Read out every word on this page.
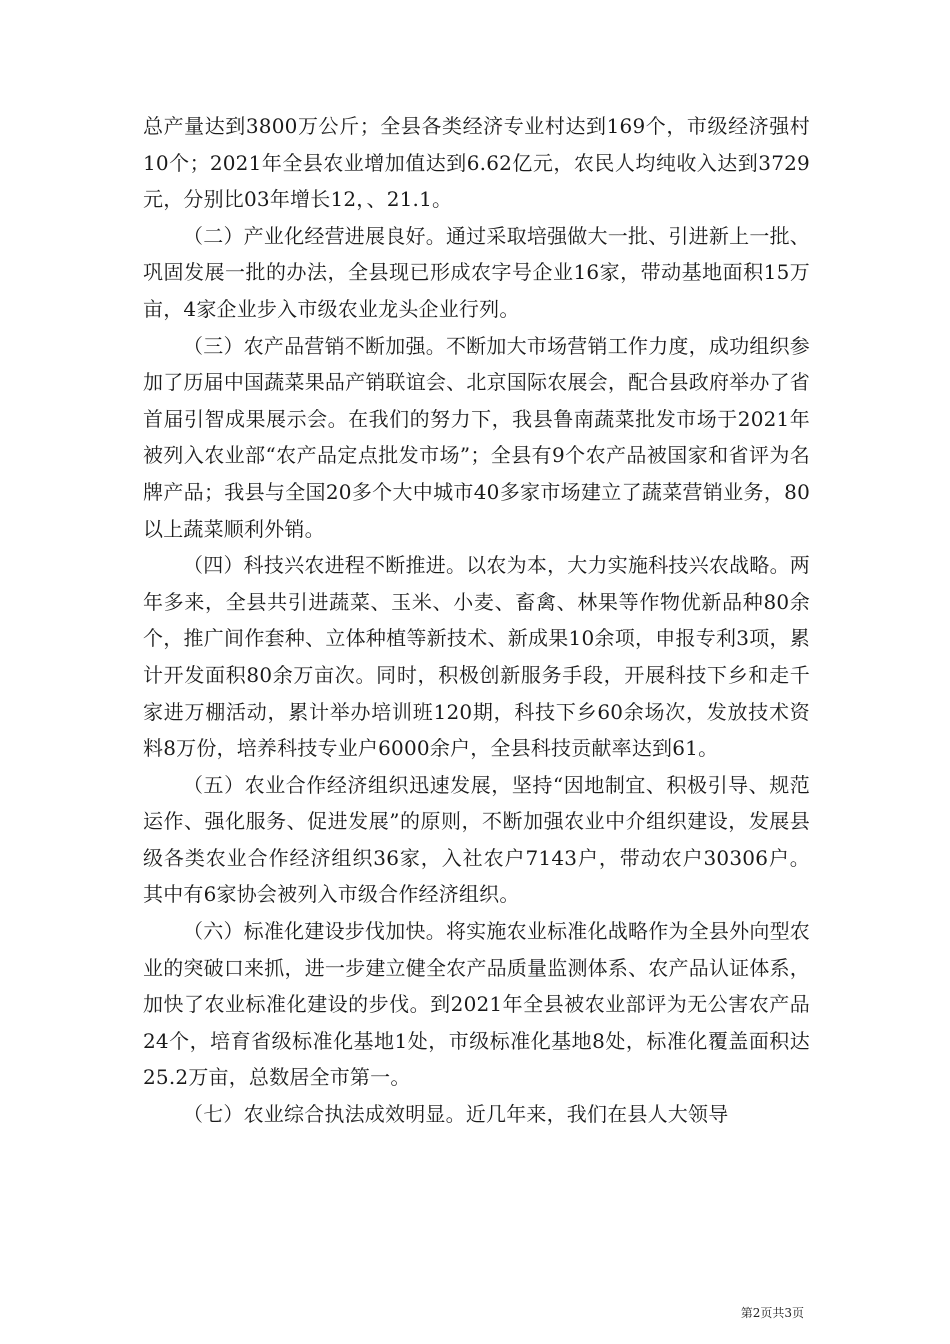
总产量达到3800万公斤；全县各类经济专业村达到169个，市级经济强村10个；2021年全县农业增加值达到6.62亿元，农民人均纯收入达到3729元，分别比03年增长12，、21.1。

（二）产业化经营进展良好。通过采取培强做大一批、引进新上一批、巩固发展一批的办法，全县现已形成农字号企业16家，带动基地面积15万亩，4家企业步入市级农业龙头企业行列。

（三）农产品营销不断加强。不断加大市场营销工作力度，成功组织参加了历届中国蔬菜果品产销联谊会、北京国际农展会，配合县政府举办了省首届引智成果展示会。在我们的努力下，我县鲁南蔬菜批发市场于2021年被列入农业部“农产品定点批发市场”；全县有9个农产品被国家和省评为名牌产品；我县与全国20多个大中城市40多家市场建立了蔬菜营销业务，80以上蔬菜顺利外销。

（四）科技兴农进程不断推进。以农为本，大力实施科技兴农战略。两年多来，全县共引进蔬菜、玉米、小麦、畜禽、林果等作物优新品种80余个，推广间作套种、立体种植等新技术、新成果10余项，申报专利3项，累计开发面积80余万亩次。同时，积极创新服务手段，开展科技下乡和走千家进万棚活动，累计举办培训班120期，科技下乡60余场次，发放技术资料8万份，培养科技专业户6000余户，全县科技贡献率达到61。

（五）农业合作经济组织迅速发展，坚持“因地制宜、积极引导、规范运作、强化服务、促进发展”的原则，不断加强农业中介组织建设，发展县级各类农业合作经济组织36家，入社农户7143户，带动农户30306户。其中有6家协会被列入市级合作经济组织。

（六）标准化建设步伐加快。将实施农业标准化战略作为全县外向型农业的突破口来抓，进一步建立健全农产品质量监测体系、农产品认证体系，加快了农业标准化建设的步伐。到2021年全县被农业部评为无公害农产品24个，培育省级标准化基地1处，市级标准化基地8处，标准化覆盖面积达25.2万亩，总数居全市第一。

（七）农业综合执法成效明显。近几年来，我们在县人大领导

第2页共3页
